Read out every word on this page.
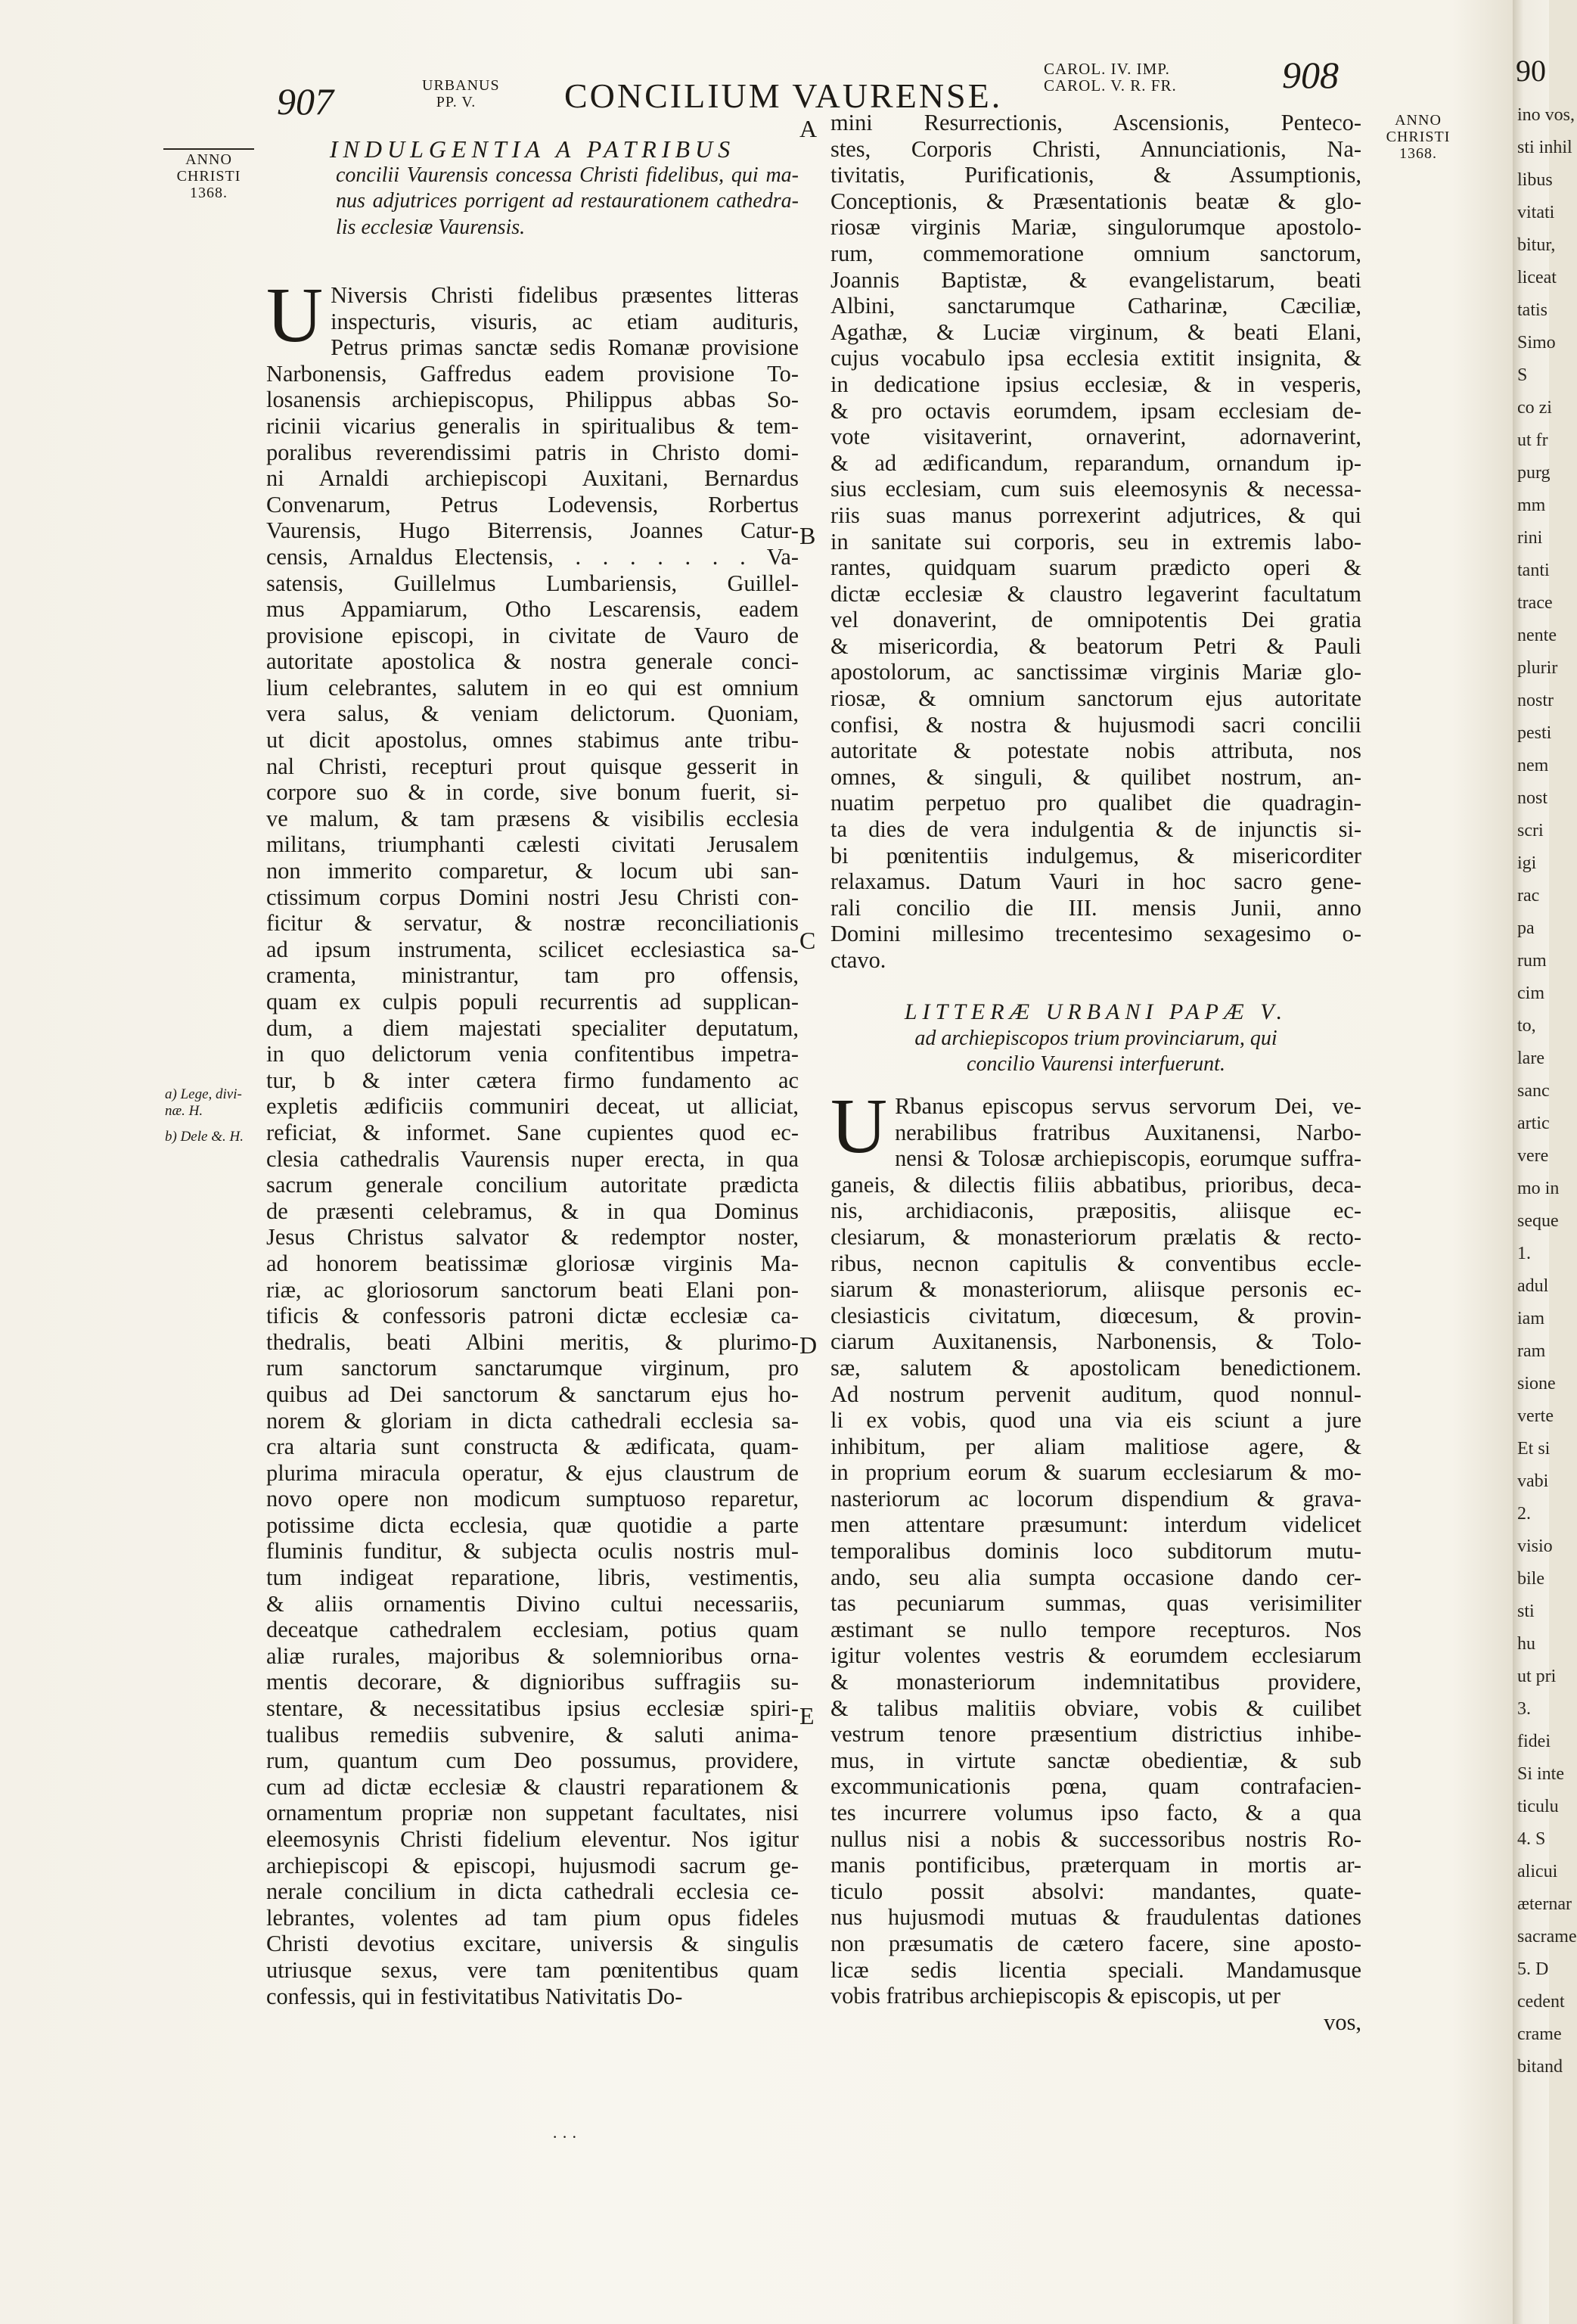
907	URBANUS
PP. V.	CONCILIUM VAURENSE.
CAROL. IV. IMP.
CAROL. V. R. FR.	908
ANNO
CHRISTI
1368.
ANNO
CHRISTI
1368.
a) Lege, divi-
næ. H.
b) Dele &. H.
A
B
C
D
E
INDULGENTIA A PATRIBUS
concilii Vaurensis concessa Christi fidelibus, qui ma-
nus adjutrices porrigent ad restaurationem cathedra-
lis ecclesiæ Vaurensis.
U Niversis Christi fidelibus præsentes litteras
inspecturis, visuris, ac etiam audituris,
Petrus primas sanctæ sedis Romanæ provisione
Narbonensis, Gaffredus eadem provisione To-
losanensis archiepiscopus, Philippus abbas So-
ricinii vicarius generalis in spiritualibus & tem-
poralibus reverendissimi patris in Christo domi-
ni Arnaldi archiepiscopi Auxitani, Bernardus
Convenarum, Petrus Lodevensis, Rorbertus
Vaurensis, Hugo Biterrensis, Joannes Catur-
censis, Arnaldus Electensis, . . . . . . . Va-
satensis, Guillelmus Lumbariensis, Guillel-
mus Appamiarum, Otho Lescarensis, eadem
provisione episcopi, in civitate de Vauro de
autoritate apostolica & nostra generale conci-
lium celebrantes, salutem in eo qui est omnium
vera salus, & veniam delictorum. Quoniam,
ut dicit apostolus, omnes stabimus ante tribu-
nal Christi, recepturi prout quisque gesserit in
corpore suo & in corde, sive bonum fuerit, si-
ve malum, & tam præsens & visibilis ecclesia
militans, triumphanti cælesti civitati Jerusalem
non immerito comparetur, & locum ubi san-
ctissimum corpus Domini nostri Jesu Christi con-
ficitur & servatur, & nostræ reconciliationis
ad ipsum instrumenta, scilicet ecclesiastica sa-
cramenta, ministrantur, tam pro offensis,
quam ex culpis populi recurrentis ad supplican-
dum, a diem majestati specialiter deputatum,
in quo delictorum venia confitentibus impetra-
tur, b & inter cætera firmo fundamento ac
expletis ædificiis communiri deceat, ut alliciat,
reficiat, & informet. Sane cupientes quod ec-
clesia cathedralis Vaurensis nuper erecta, in qua
sacrum generale concilium autoritate prædicta
de præsenti celebramus, & in qua Dominus
Jesus Christus salvator & redemptor noster,
ad honorem beatissimæ gloriosæ virginis Ma-
riæ, ac gloriosorum sanctorum beati Elani pon-
tificis & confessoris patroni dictæ ecclesiæ ca-
thedralis, beati Albini meritis, & plurimo-
rum sanctorum sanctarumque virginum, pro
quibus ad Dei sanctorum & sanctarum ejus ho-
norem & gloriam in dicta cathedrali ecclesia sa-
cra altaria sunt constructa & ædificata, quam-
plurima miracula operatur, & ejus claustrum de
novo opere non modicum sumptuoso reparetur,
potissime dicta ecclesia, quæ quotidie a parte
fluminis funditur, & subjecta oculis nostris mul-
tum indigeat reparatione, libris, vestimentis,
& aliis ornamentis Divino cultui necessariis,
deceatque cathedralem ecclesiam, potius quam
aliæ rurales, majoribus & solemnioribus orna-
mentis decorare, & dignioribus suffragiis su-
stentare, & necessitatibus ipsius ecclesiæ spiri-
tualibus remediis subvenire, & saluti anima-
rum, quantum cum Deo possumus, providere,
cum ad dictæ ecclesiæ & claustri reparationem &
ornamentum propriæ non suppetant facultates, nisi
eleemosynis Christi fidelium eleventur. Nos igitur
archiepiscopi & episcopi, hujusmodi sacrum ge-
nerale concilium in dicta cathedrali ecclesia ce-
lebrantes, volentes ad tam pium opus fideles
Christi devotius excitare, universis & singulis
utriusque sexus, vere tam pœnitentibus quam
confessis, qui in festivitatibus Nativitatis Do-
mini Resurrectionis, Ascensionis, Penteco-
stes, Corporis Christi, Annunciationis, Na-
tivitatis, Purificationis, & Assumptionis,
Conceptionis, & Præsentationis beatæ & glo-
riosæ virginis Mariæ, singulorumque apostolo-
rum, commemoratione omnium sanctorum,
Joannis Baptistæ, & evangelistarum, beati
Albini, sanctarumque Catharinæ, Cæciliæ,
Agathæ, & Luciæ virginum, & beati Elani,
cujus vocabulo ipsa ecclesia extitit insignita, &
in dedicatione ipsius ecclesiæ, & in vesperis,
& pro octavis eorumdem, ipsam ecclesiam de-
vote visitaverint, ornaverint, adornaverint,
& ad ædificandum, reparandum, ornandum ip-
sius ecclesiam, cum suis eleemosynis & necessa-
riis suas manus porrexerint adjutrices, & qui
in sanitate sui corporis, seu in extremis labo-
rantes, quidquam suarum prædicto operi &
dictæ ecclesiæ & claustro legaverint facultatum
vel donaverint, de omnipotentis Dei gratia
& misericordia, & beatorum Petri & Pauli
apostolorum, ac sanctissimæ virginis Mariæ glo-
riosæ, & omnium sanctorum ejus autoritate
confisi, & nostra & hujusmodi sacri concilii
autoritate & potestate nobis attributa, nos
omnes, & singuli, & quilibet nostrum, an-
nuatim perpetuo pro qualibet die quadragin-
ta dies de vera indulgentia & de injunctis si-
bi pœnitentiis indulgemus, & misericorditer
relaxamus. Datum Vauri in hoc sacro gene-
rali concilio die III. mensis Junii, anno
Domini millesimo trecentesimo sexagesimo o-
ctavo.
LITTERÆ URBANI PAPÆ V.
ad archiepiscopos trium provinciarum, qui
concilio Vaurensi interfuerunt.
U Rbanus episcopus servus servorum Dei, ve-
nerabilibus fratribus Auxitanensi, Narbo-
nensi & Tolosæ archiepiscopis, eorumque suffra-
ganeis, & dilectis filiis abbatibus, prioribus, deca-
nis, archidiaconis, præpositis, aliisque ec-
clesiarum, & monasteriorum prælatis & recto-
ribus, necnon capitulis & conventibus eccle-
siarum & monasteriorum, aliisque personis ec-
clesiasticis civitatum, diœcesum, & provin-
ciarum Auxitanensis, Narbonensis, & Tolo-
sæ, salutem & apostolicam benedictionem.
Ad nostrum pervenit auditum, quod nonnul-
li ex vobis, quod una via eis sciunt a jure
inhibitum, per aliam malitiose agere, &
in proprium eorum & suarum ecclesiarum & mo-
nasteriorum ac locorum dispendium & grava-
men attentare præsumunt: interdum videlicet
temporalibus dominis loco subditorum mutu-
ando, seu alia sumpta occasione dando cer-
tas pecuniarum summas, quas verisimiliter
æstimant se nullo tempore recepturos. Nos
igitur volentes vestris & eorumdem ecclesiarum
& monasteriorum indemnitatibus providere,
& talibus malitiis obviare, vobis & cuilibet
vestrum tenore præsentium districtius inhibe-
mus, in virtute sanctæ obedientiæ, & sub
excommunicationis pœna, quam contrafacien-
tes incurrere volumus ipso facto, & a qua
nullus nisi a nobis & successoribus nostris Ro-
manis pontificibus, præterquam in mortis ar-
ticulo possit absolvi: mandantes, quate-
nus hujusmodi mutuas & fraudulentas dationes
non præsumatis de cætero facere, sine aposto-
licæ sedis licentia speciali. Mandamusque
vobis fratribus archiepiscopis & episcopis, ut per
vos,
· · ·
90
ino vos,
sti inhil
libus
vitati
bitur,
liceat
tatis
Simo
S
co zi
ut fr
purg
mm
rini
tanti
trace
nente
plurir
nostr
pesti
nem
nost
scri
igi
rac
pa
rum
cim
to,
lare
sanc
artic
vere
mo in
seque
1.
adul
iam
ram
sione
verte
Et si
vabi
2.
visio
bile
sti
hu
ut pri
3.
fidei
Si inte
ticulu
4. S
alicui
æternar
sacrame
5. D
cedent
crame
bitand
